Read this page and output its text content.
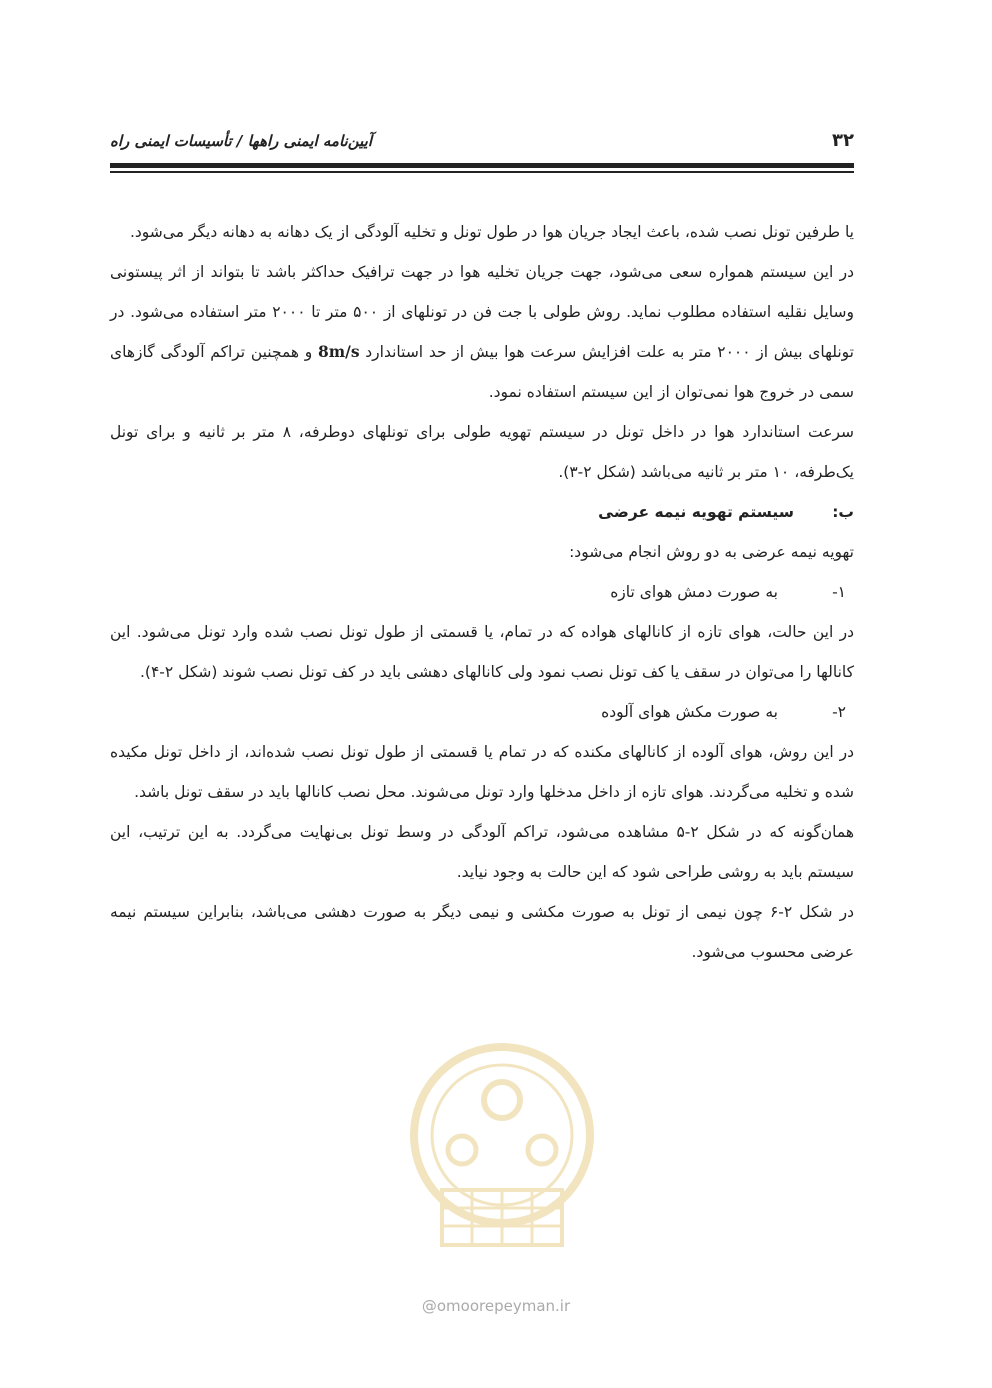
۳۲
آیین‌نامه ایمنی راهها / تأسیسات ایمنی راه

یا طرفین تونل نصب شده، باعث ایجاد جریان هوا در طول تونل و تخلیه آلودگی از یک دهانه به دهانه دیگر می‌شود.

در این سیستم همواره سعی می‌شود، جهت جریان تخلیه هوا در جهت ترافیک حداکثر باشد تا بتواند از اثر پیستونی وسایل نقلیه استفاده مطلوب نماید. روش طولی با جت فن در تونلهای از ۵۰۰ متر تا ۲۰۰۰ متر استفاده می‌شود. در تونلهای بیش از ۲۰۰۰ متر به علت افزایش سرعت هوا بیش از حد استاندارد 8m/s و همچنین تراکم آلودگی گازهای سمی در خروج هوا نمی‌توان از این سیستم استفاده نمود.

سرعت استاندارد هوا در داخل تونل در سیستم تهویه طولی برای تونلهای دوطرفه، ۸ متر بر ثانیه و برای تونل یک‌طرفه، ۱۰ متر بر ثانیه می‌باشد (شکل ۲-۳).

ب:
سیستم تهویه نیمه عرضی

تهویه نیمه عرضی به دو روش انجام می‌شود:

۱-
به صورت دمش هوای تازه

در این حالت، هوای تازه از کانالهای هواده که در تمام، یا قسمتی از طول تونل نصب شده وارد تونل می‌شود. این کانالها را می‌توان در سقف یا کف تونل نصب نمود ولی کانالهای دهشی باید در کف تونل نصب شوند (شکل ۲-۴).

۲-
به صورت مکش هوای آلوده

در این روش، هوای آلوده از کانالهای مکنده که در تمام یا قسمتی از طول تونل نصب شده‌اند، از داخل تونل مکیده شده و تخلیه می‌گردند. هوای تازه از داخل مدخلها وارد تونل می‌شوند. محل نصب کانالها باید در سقف تونل باشد.

همان‌گونه که در شکل ۲-۵ مشاهده می‌شود، تراکم آلودگی در وسط تونل بی‌نهایت می‌گردد. به این ترتیب، این سیستم باید به روشی طراحی شود که این حالت به وجود نیاید.

در شکل ۲-۶ چون نیمی از تونل به صورت مکشی و نیمی دیگر به صورت دهشی می‌باشد، بنابراین سیستم نیمه عرضی محسوب می‌شود.

@omoorepeyman.ir
